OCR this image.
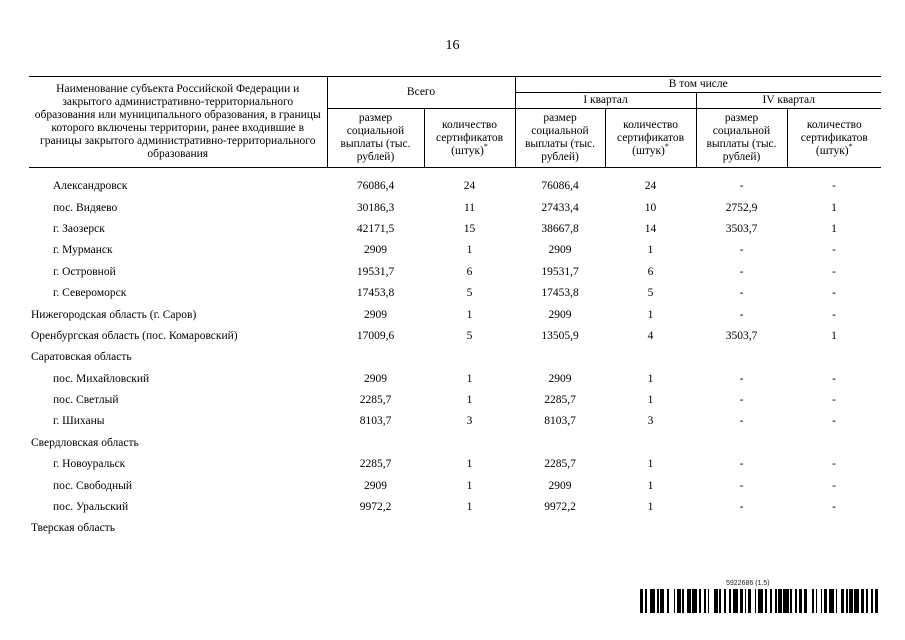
16
Наименование субъекта Российской Федерации и закрытого административно-территориального образования или муниципального образования, в границы которого включены территории, ранее входившие в границы закрытого административно-территориального образования	Всего		В том числе			
			I квартал		IV квартал	
	размер социальной выплаты (тыс. рублей)	количество сертификатов (штук)*	размер социальной выплаты (тыс. рублей)	количество сертификатов (штук)*	размер социальной выплаты (тыс. рублей)	количество сертификатов (штук)*

Александровск	76086,4	24	76086,4	24	-	-
пос. Видяево	30186,3	11	27433,4	10	2752,9	1
г. Заозерск	42171,5	15	38667,8	14	3503,7	1
г. Мурманск	2909	1	2909	1	-	-
г. Островной	19531,7	6	19531,7	6	-	-
г. Североморск	17453,8	5	17453,8	5	-	-
Нижегородская область (г. Саров)	2909	1	2909	1	-	-
Оренбургская область (пос. Комаровский)	17009,6	5	13505,9	4	3503,7	1
Саратовская область						
пос. Михайловский	2909	1	2909	1	-	-
пос. Светлый	2285,7	1	2285,7	1	-	-
г. Шиханы	8103,7	3	8103,7	3	-	-
Свердловская область						
г. Новоуральск	2285,7	1	2285,7	1	-	-
пос. Свободный	2909	1	2909	1	-	-
пос. Уральский	9972,2	1	9972,2	1	-	-
Тверская область						
5922686 (1.5)
